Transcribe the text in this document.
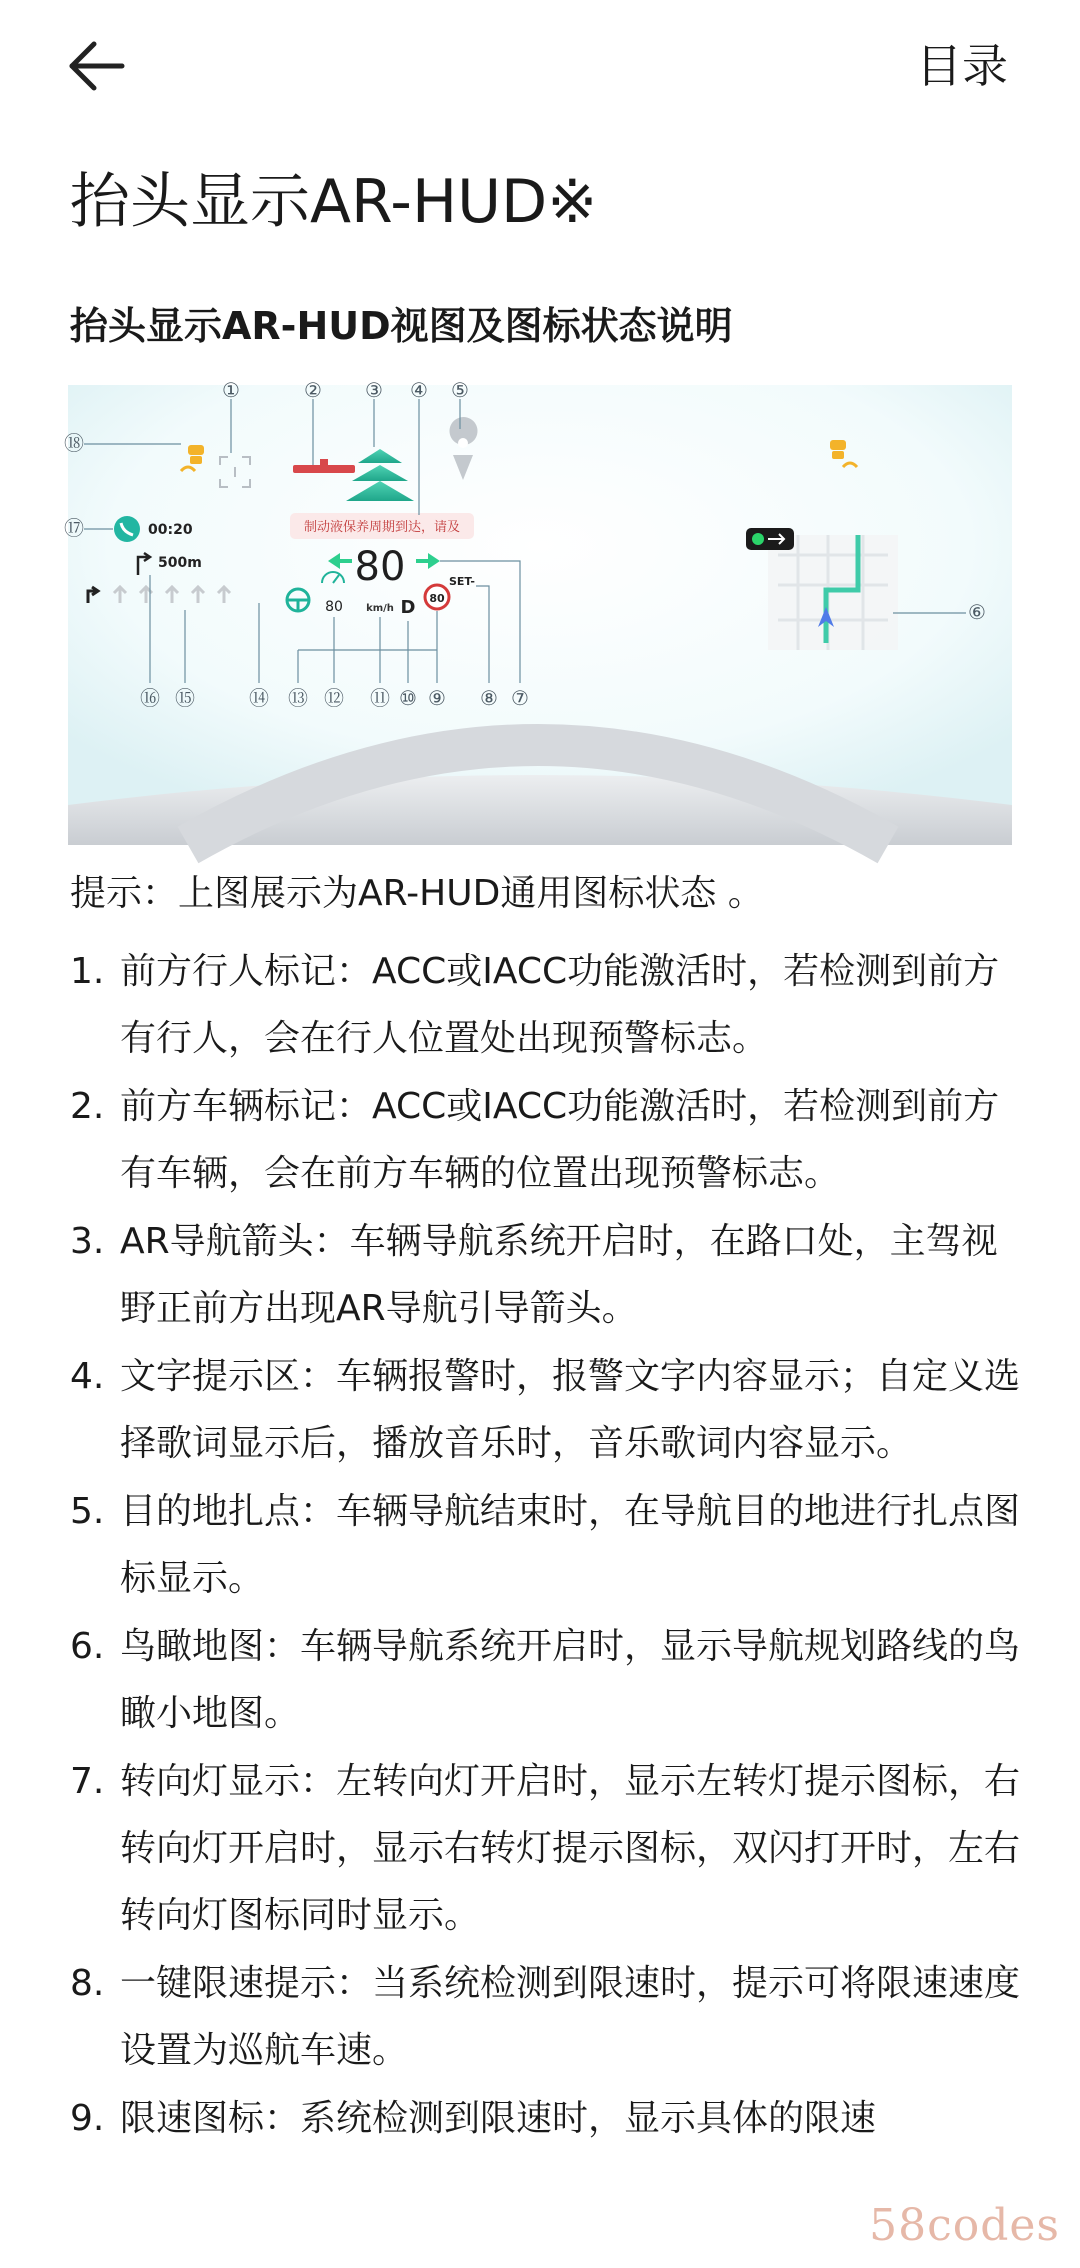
目录
抬头显示AR-HUD※
抬头显示AR-HUD视图及图标状态说明
制动液保养周期到达，请及
00:20
500m	80
km/h D
80
80
SET-
①	② ③ ④ ⑤
⑥
⑦
⑧
⑨
⑩
⑪
⑫
⑬
⑭
⑮
⑯
⑰
⑱

提示：上图展示为AR-HUD通用图标状态 。

1. 前方行人标记：ACC或IACC功能激活时，若检测到前方有行人，会在行人位置处出现预警标志。
2. 前方车辆标记：ACC或IACC功能激活时，若检测到前方有车辆，会在前方车辆的位置出现预警标志。
3. AR导航箭头：车辆导航系统开启时，在路口处，主驾视野正前方出现AR导航引导箭头。
4. 文字提示区：车辆报警时，报警文字内容显示；自定义选择歌词显示后，播放音乐时，音乐歌词内容显示。
5. 目的地扎点：车辆导航结束时，在导航目的地进行扎点图标显示。
6. 鸟瞰地图：车辆导航系统开启时，显示导航规划路线的鸟瞰小地图。
7. 转向灯显示：左转向灯开启时，显示左转灯提示图标，右转向灯开启时，显示右转灯提示图标，双闪打开时，左右转向灯图标同时显示。
8. 一键限速提示：当系统检测到限速时，提示可将限速速度设置为巡航车速。
9. 限速图标：系统检测到限速时，显示具体的限速
58codes
